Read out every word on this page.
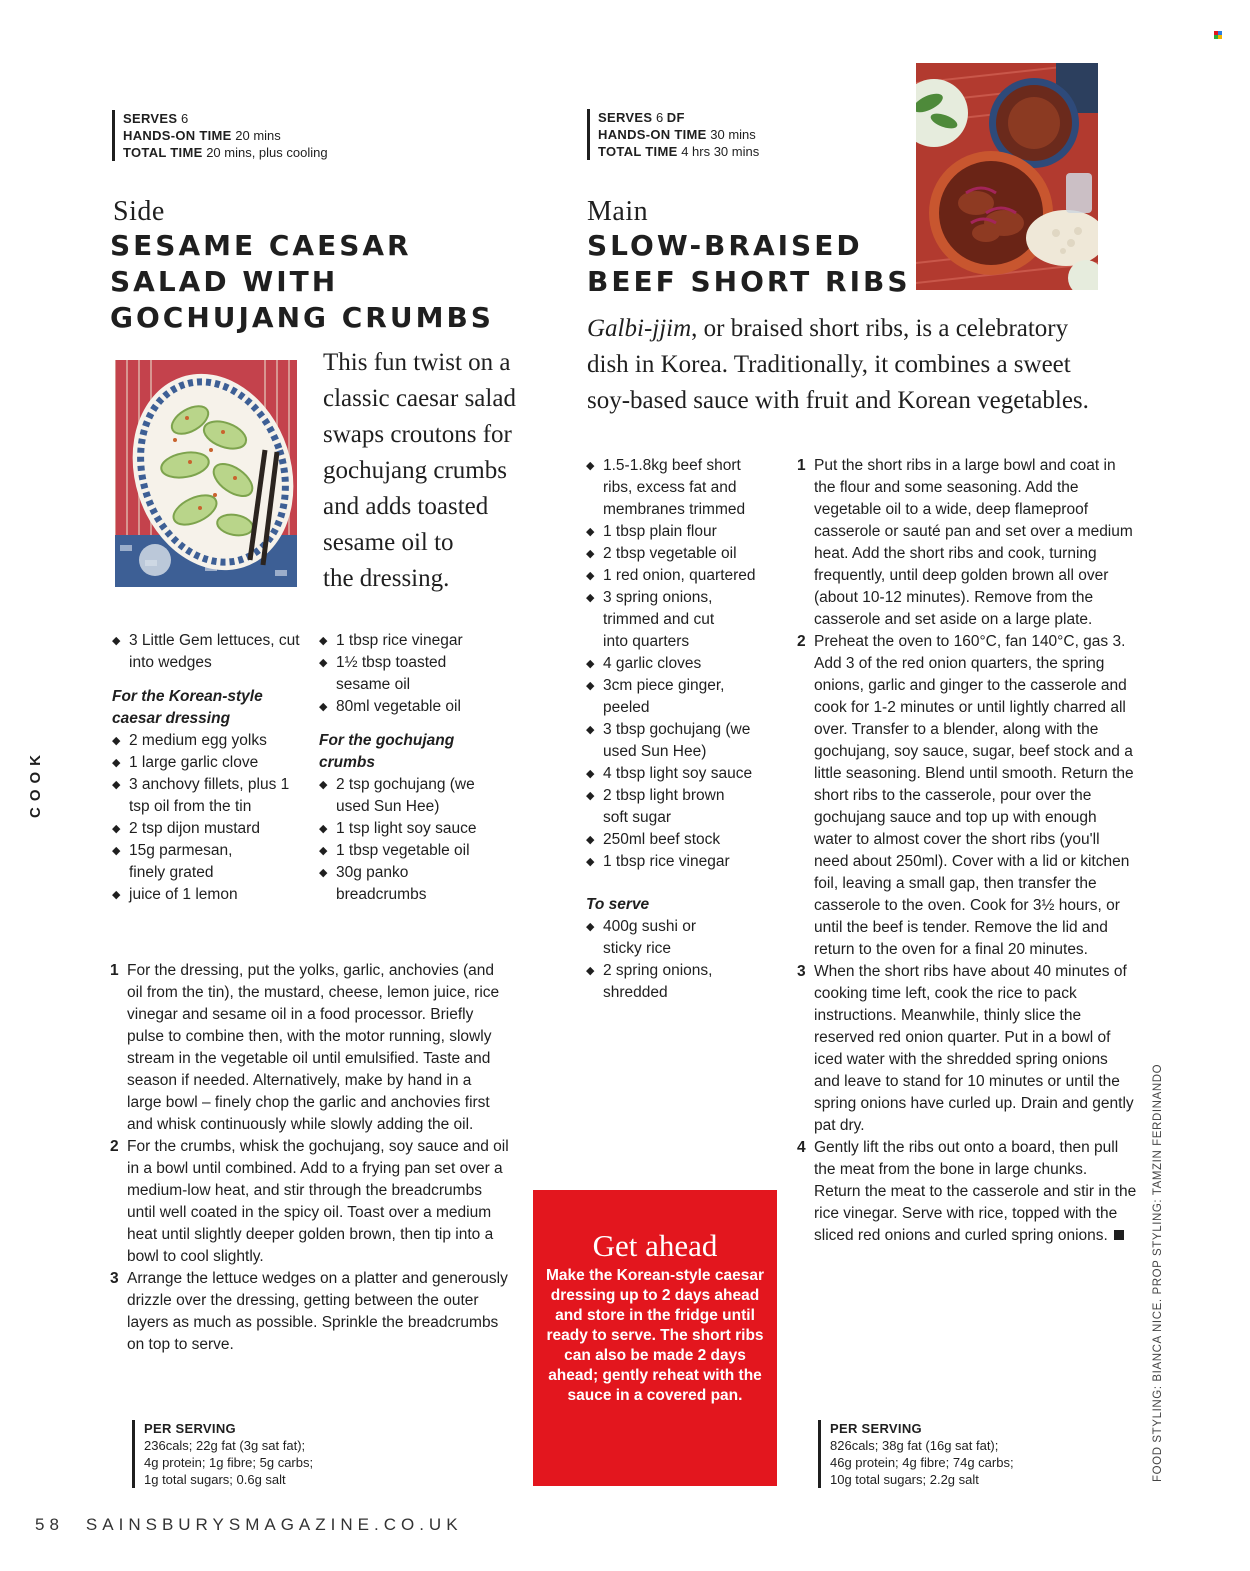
SERVES 6
HANDS-ON TIME 20 mins
TOTAL TIME 20 mins, plus cooling
Side
SESAME CAESAR
SALAD WITH
GOCHUJANG CRUMBS
This fun twist on a
classic caesar salad
swaps croutons for
gochujang crumbs
and adds toasted
sesame oil to
the dressing.
◆ 3 Little Gem lettuces, cut into wedges
For the Korean-style caesar dressing
◆ 2 medium egg yolks
◆ 1 large garlic clove
◆ 3 anchovy fillets, plus 1 tsp oil from the tin
◆ 2 tsp dijon mustard
◆ 15g parmesan, finely grated
◆ juice of 1 lemon
◆ 1 tbsp rice vinegar
◆ 1½ tbsp toasted sesame oil
◆ 80ml vegetable oil
For the gochujang crumbs
◆ 2 tsp gochujang (we used Sun Hee)
◆ 1 tsp light soy sauce
◆ 1 tbsp vegetable oil
◆ 30g panko breadcrumbs
1 For the dressing, put the yolks, garlic, anchovies (and oil from the tin), the mustard, cheese, lemon juice, rice vinegar and sesame oil in a food processor. Briefly pulse to combine then, with the motor running, slowly stream in the vegetable oil until emulsified. Taste and season if needed. Alternatively, make by hand in a large bowl – finely chop the garlic and anchovies first and whisk continuously while slowly adding the oil.
2 For the crumbs, whisk the gochujang, soy sauce and oil in a bowl until combined. Add to a frying pan set over a medium-low heat, and stir through the breadcrumbs until well coated in the spicy oil. Toast over a medium heat until slightly deeper golden brown, then tip into a bowl to cool slightly.
3 Arrange the lettuce wedges on a platter and generously drizzle over the dressing, getting between the outer layers as much as possible. Sprinkle the breadcrumbs on top to serve.
PER SERVING
236cals; 22g fat (3g sat fat);
4g protein; 1g fibre; 5g carbs;
1g total sugars; 0.6g salt
SERVES 6 DF
HANDS-ON TIME 30 mins
TOTAL TIME 4 hrs 30 mins
Main
SLOW-BRAISED
BEEF SHORT RIBS
Galbi-jjim, or braised short ribs, is a celebratory
dish in Korea. Traditionally, it combines a sweet
soy-based sauce with fruit and Korean vegetables.
◆ 1.5-1.8kg beef short ribs, excess fat and membranes trimmed
◆ 1 tbsp plain flour
◆ 2 tbsp vegetable oil
◆ 1 red onion, quartered
◆ 3 spring onions, trimmed and cut into quarters
◆ 4 garlic cloves
◆ 3cm piece ginger, peeled
◆ 3 tbsp gochujang (we used Sun Hee)
◆ 4 tbsp light soy sauce
◆ 2 tbsp light brown soft sugar
◆ 250ml beef stock
◆ 1 tbsp rice vinegar
To serve
◆ 400g sushi or sticky rice
◆ 2 spring onions, shredded
1 Put the short ribs in a large bowl and coat in the flour and some seasoning. Add the vegetable oil to a wide, deep flameproof casserole or sauté pan and set over a medium heat. Add the short ribs and cook, turning frequently, until deep golden brown all over (about 10-12 minutes). Remove from the casserole and set aside on a large plate.
2 Preheat the oven to 160°C, fan 140°C, gas 3. Add 3 of the red onion quarters, the spring onions, garlic and ginger to the casserole and cook for 1-2 minutes or until lightly charred all over. Transfer to a blender, along with the gochujang, soy sauce, sugar, beef stock and a little seasoning. Blend until smooth. Return the short ribs to the casserole, pour over the gochujang sauce and top up with enough water to almost cover the short ribs (you'll need about 250ml). Cover with a lid or kitchen foil, leaving a small gap, then transfer the casserole to the oven. Cook for 3½ hours, or until the beef is tender. Remove the lid and return to the oven for a final 20 minutes.
3 When the short ribs have about 40 minutes of cooking time left, cook the rice to pack instructions. Meanwhile, thinly slice the reserved red onion quarter. Put in a bowl of iced water with the shredded spring onions and leave to stand for 10 minutes or until the spring onions have curled up. Drain and gently pat dry.
4 Gently lift the ribs out onto a board, then pull the meat from the bone in large chunks. Return the meat to the casserole and stir in the rice vinegar. Serve with rice, topped with the sliced red onions and curled spring onions.
PER SERVING
826cals; 38g fat (16g sat fat);
46g protein; 4g fibre; 74g carbs;
10g total sugars; 2.2g salt
Get ahead
Make the Korean-style caesar dressing up to 2 days ahead and store in the fridge until ready to serve. The short ribs can also be made 2 days ahead; gently reheat with the sauce in a covered pan.
COOK
FOOD STYLING: BIANCA NICE. PROP STYLING: TAMZIN FERDINANDO
58 SAINSBURYSMAGAZINE.CO.UK
